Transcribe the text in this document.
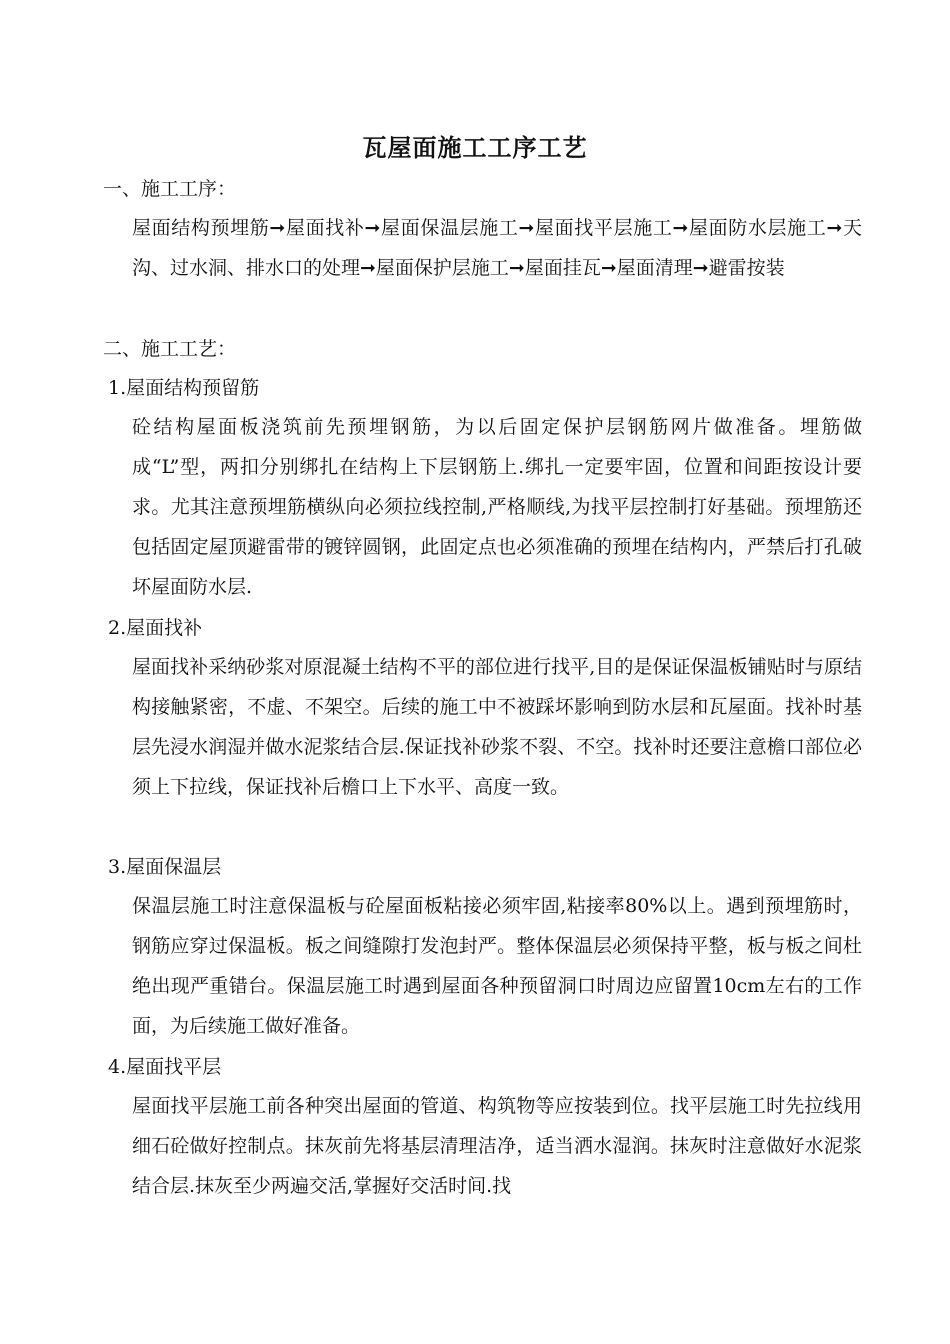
瓦屋面施工工序工艺
一、施工工序：
屋面结构预埋筋➞屋面找补➞屋面保温层施工➞屋面找平层施工➞屋面防水层施工➞天沟、过水洞、排水口的处理➞屋面保护层施工➞屋面挂瓦➞屋面清理➞避雷按装
二、施工工艺：
1.屋面结构预留筋
砼结构屋面板浇筑前先预埋钢筋，为以后固定保护层钢筋网片做准备。埋筋做成“L”型，两扣分别绑扎在结构上下层钢筋上.绑扎一定要牢固，位置和间距按设计要求。尤其注意预埋筋横纵向必须拉线控制,严格顺线,为找平层控制打好基础。预埋筋还包括固定屋顶避雷带的镀锌圆钢，此固定点也必须准确的预埋在结构内，严禁后打孔破坏屋面防水层.
2.屋面找补
屋面找补采纳砂浆对原混凝土结构不平的部位进行找平,目的是保证保温板铺贴时与原结构接触紧密，不虚、不架空。后续的施工中不被踩坏影响到防水层和瓦屋面。找补时基层先浸水润湿并做水泥浆结合层.保证找补砂浆不裂、不空。找补时还要注意檐口部位必须上下拉线，保证找补后檐口上下水平、高度一致。
3.屋面保温层
保温层施工时注意保温板与砼屋面板粘接必须牢固,粘接率80%以上。遇到预埋筋时，钢筋应穿过保温板。板之间缝隙打发泡封严。整体保温层必须保持平整，板与板之间杜绝出现严重错台。保温层施工时遇到屋面各种预留洞口时周边应留置10cm左右的工作面，为后续施工做好准备。
4.屋面找平层
屋面找平层施工前各种突出屋面的管道、构筑物等应按装到位。找平层施工时先拉线用细石砼做好控制点。抹灰前先将基层清理洁净，适当洒水湿润。抹灰时注意做好水泥浆结合层.抹灰至少两遍交活,掌握好交活时间.找
